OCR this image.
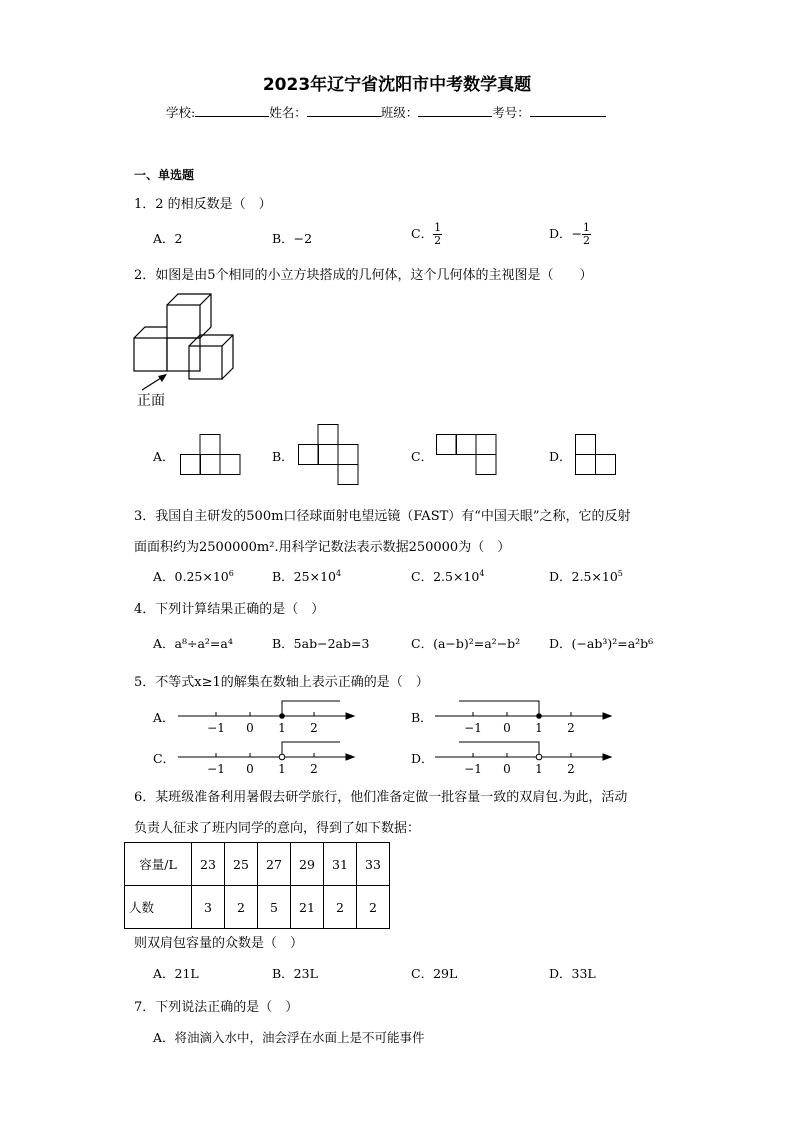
2023年辽宁省沈阳市中考数学真题
学校:	姓名：	班级：	考号：
一、单选题
1．2 的相反数是（　）
A．2	B．−2	C． $\frac{1}{2}$	D．− $\frac{1}{2}$
2．如图是由5个相同的小立方块搭成的几何体，这个几何体的主视图是（　　）
正面
A．	B．	C．	D．
3．我国自主研发的500m口径球面射电望远镜（FAST）有“中国天眼”之称，它的反射
面面积约为2500000m².用科学记数法表示数据250000为（　）
A．$0.25\times 10^6$	B．$25\times 10^4$	C．$2.5\times 10^4$	D．$2.5\times 10^5$
4．下列计算结果正确的是（　）
A．a⁸÷a²=a⁴	B．5ab−2ab=3	C．(a−b)²=a²−b² D．(−ab³)²=a²b⁶
5．不等式x≥1的解集在数轴上表示正确的是（　）
A．
−1 0 1 2
B．
−1 0 1 2
C．
−1 0 1 2
D．
−1 0 1 2
6．某班级准备利用暑假去研学旅行，他们准备定做一批容量一致的双肩包.为此，活动
负责人征求了班内同学的意向，得到了如下数据：
容量/L	23	25	27	29	31	33
人数	3	2	5	21	2	2
则双肩包容量的众数是（　）
A．21L	B．23L	C．29L	D．33L
7．下列说法正确的是（　）
A．将油滴入水中，油会浮在水面上是不可能事件
